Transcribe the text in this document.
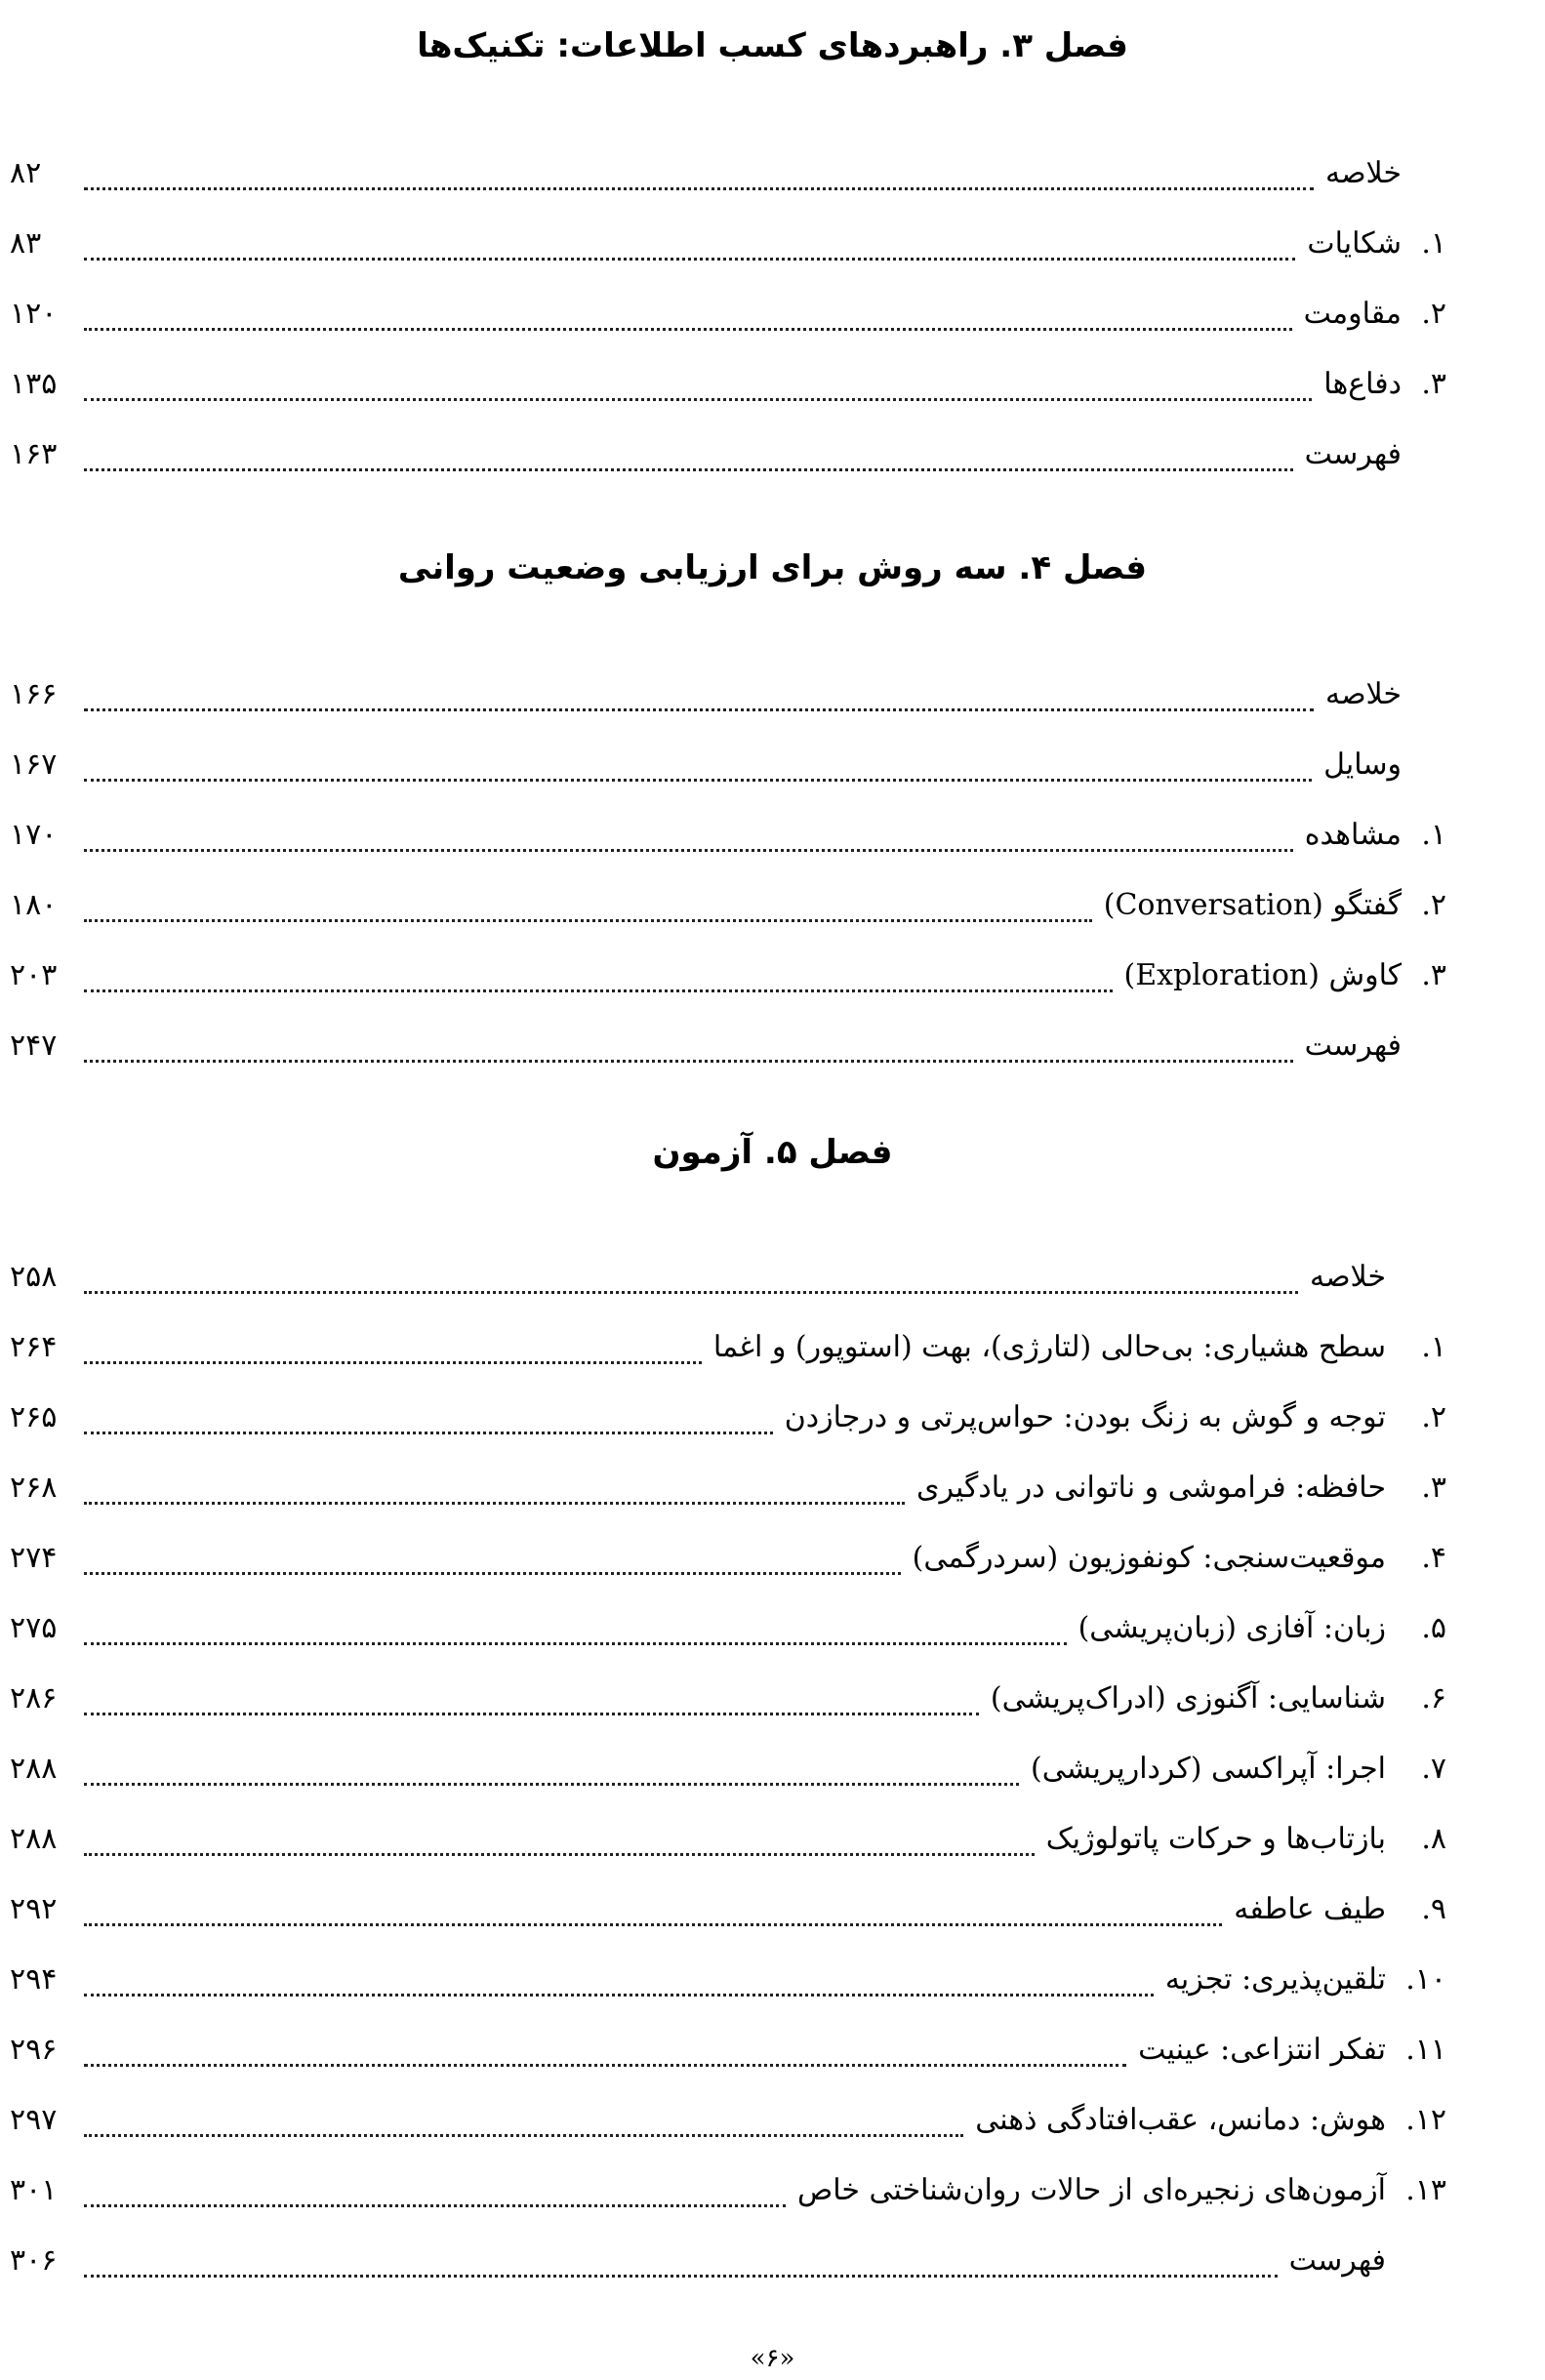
فصل ۳. راهبردهای کسب اطلاعات: تکنیک‌ها
خلاصه
۸۲
۱.
شکایات
۸۳
۲.
مقاومت
۱۲۰
۳.
دفاع‌ها
۱۳۵
فهرست
۱۶۳
فصل ۴. سه روش برای ارزیابی وضعیت روانی
خلاصه
۱۶۶
وسایل
۱۶۷
۱.
مشاهده
۱۷۰
۲.
گفتگو (Conversation)
۱۸۰
۳.
کاوش (Exploration)
۲۰۳
فهرست
۲۴۷
فصل ۵. آزمون
خلاصه
۲۵۸
۱.
سطح هشیاری: بی‌حالی (لتارژی)، بهت (استوپور) و اغما
۲۶۴
۲.
توجه و گوش به زنگ بودن: حواس‌پرتی و درجازدن
۲۶۵
۳.
حافظه: فراموشی و ناتوانی در یادگیری
۲۶۸
۴.
موقعیت‌سنجی: کونفوزیون (سردرگمی)
۲۷۴
۵.
زبان: آفازی (زبان‌پریشی)
۲۷۵
۶.
شناسایی: آگنوزی (ادراک‌پریشی)
۲۸۶
۷.
اجرا: آپراکسی (کردارپریشی)
۲۸۸
۸.
بازتاب‌ها و حرکات پاتولوژیک
۲۸۸
۹.
طیف عاطفه
۲۹۲
۱۰.
تلقین‌پذیری: تجزیه
۲۹۴
۱۱.
تفکر انتزاعی: عینیت
۲۹۶
۱۲.
هوش: دمانس، عقب‌افتادگی ذهنی
۲۹۷
۱۳.
آزمون‌های زنجیره‌ای از حالات روان‌شناختی خاص
۳۰۱
فهرست
۳۰۶
«۶»
